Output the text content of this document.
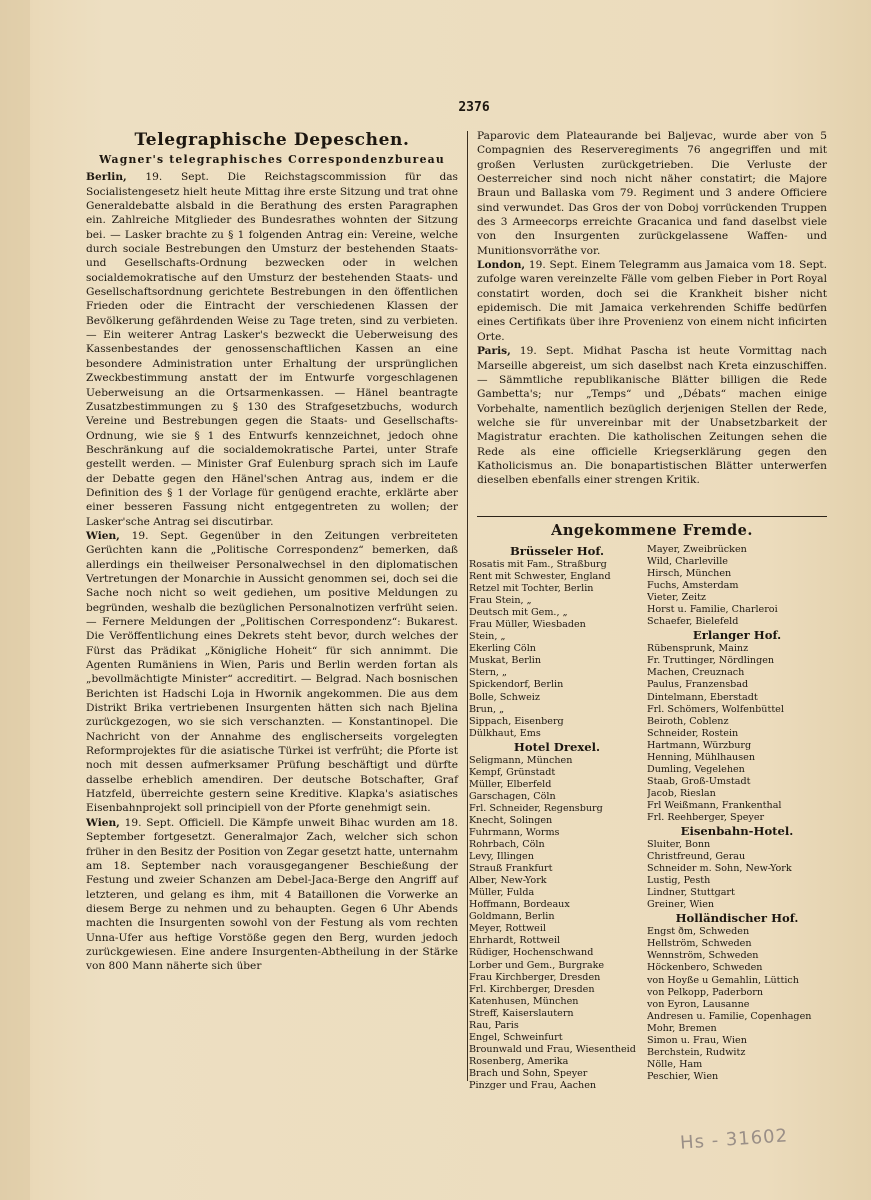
2376
Telegraphische Depeschen.
Wagner's telegraphisches Correspondenzbureau

Berlin, 19. Sept. Die Reichstagscommission für das Socialistengesetz hielt heute Mittag ihre erste Sitzung und trat ohne Generaldebatte alsbald in die Berathung des ersten Paragraphen ein. Zahlreiche Mitglieder des Bundesrathes wohnten der Sitzung bei. — Lasker brachte zu § 1 folgenden Antrag ein: Vereine, welche durch sociale Bestrebungen den Umsturz der bestehenden Staats- und Gesellschafts-Ordnung bezwecken oder in welchen socialdemokratische auf den Umsturz der bestehenden Staats- und Gesellschaftsordnung gerichtete Bestrebungen in den öffentlichen Frieden oder die Eintracht der verschiedenen Klassen der Bevölkerung gefährdenden Weise zu Tage treten, sind zu verbieten. — Ein weiterer Antrag Lasker's bezweckt die Ueberweisung des Kassenbestandes der genossenschaftlichen Kassen an eine besondere Administration unter Erhaltung der ursprünglichen Zweckbestimmung anstatt der im Entwurfe vorgeschlagenen Ueberweisung an die Ortsarmenkassen. — Hänel beantragte Zusatzbestimmungen zu § 130 des Strafgesetzbuchs, wodurch Vereine und Bestrebungen gegen die Staats- und Gesellschafts-Ordnung, wie sie § 1 des Entwurfs kennzeichnet, jedoch ohne Beschränkung auf die socialdemokratische Partei, unter Strafe gestellt werden. — Minister Graf Eulenburg sprach sich im Laufe der Debatte gegen den Hänel'schen Antrag aus, indem er die Definition des § 1 der Vorlage für genügend erachte, erklärte aber einer besseren Fassung nicht entgegentreten zu wollen; der Lasker'sche Antrag sei discutirbar.

Wien, 19. Sept. Gegenüber in den Zeitungen verbreiteten Gerüchten kann die „Politische Correspondenz“ bemerken, daß allerdings ein theilweiser Personalwechsel in den diplomatischen Vertretungen der Monarchie in Aussicht genommen sei, doch sei die Sache noch nicht so weit gediehen, um positive Meldungen zu begründen, weshalb die bezüglichen Personalnotizen verfrüht seien. — Fernere Meldungen der „Politischen Correspondenz“: Bukarest. Die Veröffentlichung eines Dekrets steht bevor, durch welches der Fürst das Prädikat „Königliche Hoheit“ für sich annimmt. Die Agenten Rumäniens in Wien, Paris und Berlin werden fortan als „bevollmächtigte Minister“ accreditirt. — Belgrad. Nach bosnischen Berichten ist Hadschi Loja in Hwornik angekommen. Die aus dem Distrikt Brika vertriebenen Insurgenten hätten sich nach Bjelina zurückgezogen, wo sie sich verschanzten. — Konstantinopel. Die Nachricht von der Annahme des englischerseits vorgelegten Reformprojektes für die asiatische Türkei ist verfrüht; die Pforte ist noch mit dessen aufmerksamer Prüfung beschäftigt und dürfte dasselbe erheblich amendiren. Der deutsche Botschafter, Graf Hatzfeld, überreichte gestern seine Kreditive. Klapka's asiatisches Eisenbahnprojekt soll principiell von der Pforte genehmigt sein.

Wien, 19. Sept. Officiell. Die Kämpfe unweit Bihac wurden am 18. September fortgesetzt. Generalmajor Zach, welcher sich schon früher in den Besitz der Position von Zegar gesetzt hatte, unternahm am 18. September nach vorausgegangener Beschießung der Festung und zweier Schanzen am Debel-Jaca-Berge den Angriff auf letzteren, und gelang es ihm, mit 4 Bataillonen die Vorwerke an diesem Berge zu nehmen und zu behaupten. Gegen 6 Uhr Abends machten die Insurgenten sowohl von der Festung als vom rechten Unna-Ufer aus heftige Vorstöße gegen den Berg, wurden jedoch zurückgewiesen. Eine andere Insurgenten-Abtheilung in der Stärke von 800 Mann näherte sich über

Paparovic dem Plateaurande bei Baljevac, wurde aber von 5 Compagnien des Reserveregiments 76 angegriffen und mit großen Verlusten zurückgetrieben. Die Verluste der Oesterreicher sind noch nicht näher constatirt; die Majore Braun und Ballaska vom 79. Regiment und 3 andere Officiere sind verwundet. Das Gros der von Doboj vorrückenden Truppen des 3 Armeecorps erreichte Gracanica und fand daselbst viele von den Insurgenten zurückgelassene Waffen- und Munitionsvorräthe vor.

London, 19. Sept. Einem Telegramm aus Jamaica vom 18. Sept. zufolge waren vereinzelte Fälle vom gelben Fieber in Port Royal constatirt worden, doch sei die Krankheit bisher nicht epidemisch. Die mit Jamaica verkehrenden Schiffe bedürfen eines Certifikats über ihre Provenienz von einem nicht inficirten Orte.

Paris, 19. Sept. Midhat Pascha ist heute Vormittag nach Marseille abgereist, um sich daselbst nach Kreta einzuschiffen. — Sämmtliche republikanische Blätter billigen die Rede Gambetta's; nur „Temps“ und „Débats“ machen einige Vorbehalte, namentlich bezüglich derjenigen Stellen der Rede, welche sie für unvereinbar mit der Unabsetzbarkeit der Magistratur erachten. Die katholischen Zeitungen sehen die Rede als eine officielle Kriegserklärung gegen den Katholicismus an. Die bonapartistischen Blätter unterwerfen dieselben ebenfalls einer strengen Kritik.

Angekommene Fremde.
Brüsseler Hof.
Rosatis mit Fam., Straßburg
Rent mit Schwester, England
Retzel mit Tochter, Berlin
Frau Stein, „
Deutsch mit Gem., „
Frau Müller, Wiesbaden
Stein, „
Ekerling Cöln
Muskat, Berlin
Stern, „
Spickendorf, Berlin
Bolle, Schweiz
Brun, „
Sippach, Eisenberg
Dülkhaut, Ems
Hotel Drexel.
Seligmann, München
Kempf, Grünstadt
Müller, Elberfeld
Garschagen, Cöln
Frl. Schneider, Regensburg
Knecht, Solingen
Fuhrmann, Worms
Rohrbach, Cöln
Levy, Illingen
Strauß Frankfurt
Alber, New-York
Müller, Fulda
Hoffmann, Bordeaux
Goldmann, Berlin
Meyer, Rottweil
Ehrhardt, Rottweil
Rüdiger, Hochenschwand
Lorber und Gem., Burgrake
Frau Kirchberger, Dresden
Frl. Kirchberger, Dresden
Katenhusen, München
Streff, Kaiserslautern
Rau, Paris
Engel, Schweinfurt
Brounwald und Frau, Wiesentheid
Rosenberg, Amerika
Brach und Sohn, Speyer
Pinzger und Frau, Aachen
Mayer, Zweibrücken
Wild, Charleville
Hirsch, München
Fuchs, Amsterdam
Vieter, Zeitz
Horst u. Familie, Charleroi
Schaefer, Bielefeld
Erlanger Hof.
Rübensprunk, Mainz
Fr. Truttinger, Nördlingen
Machen, Creuznach
Paulus, Franzensbad
Dintelmann, Eberstadt
Frl. Schömers, Wolfenbüttel
Beiroth, Coblenz
Schneider, Rostein
Hartmann, Würzburg
Henning, Mühlhausen
Dumling, Vegelehen
Staab, Groß-Umstadt
Jacob, Rieslan
Frl Weißmann, Frankenthal
Frl. Reehberger, Speyer
Eisenbahn-Hotel.
Sluiter, Bonn
Christfreund, Gerau
Schneider m. Sohn, New-York
Lustig, Pesth
Lindner, Stuttgart
Greiner, Wien
Holländischer Hof.
Engst ðm, Schweden
Hellström, Schweden
Wennström, Schweden
Höckenbero, Schweden
von Hoyße u Gemahlin, Lüttich
von Pelkopp, Paderborn
von Eyron, Lausanne
Andresen u. Familie, Copenhagen
Mohr, Bremen
Simon u. Frau, Wien
Berchstein, Rudwitz
Nölle, Ham
Peschier, Wien
Hs - 31602
